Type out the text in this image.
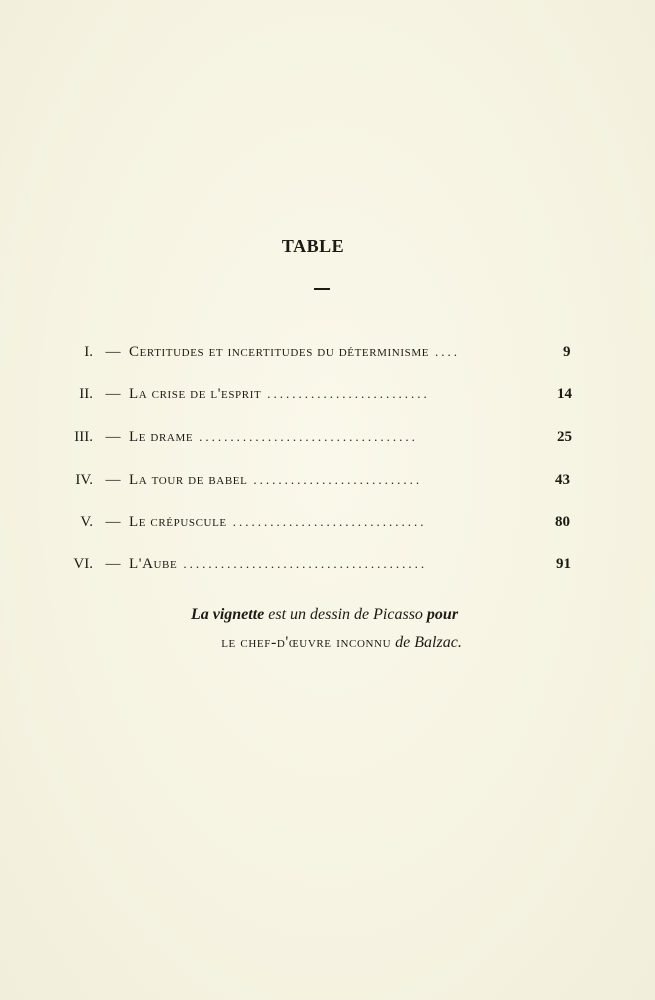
TABLE
I. — Certitudes et incertitudes du déterminisme ....	9
II. — La crise de l'esprit ..........................	14
III. — Le drame ...................................	25
IV. — La tour de babel ...........................	43
V. — Le crépuscule ...............................	80
VI. — L'Aube .......................................	91
La vignette est un dessin de Picasso pour
le chef-d'œuvre inconnu de Balzac.
